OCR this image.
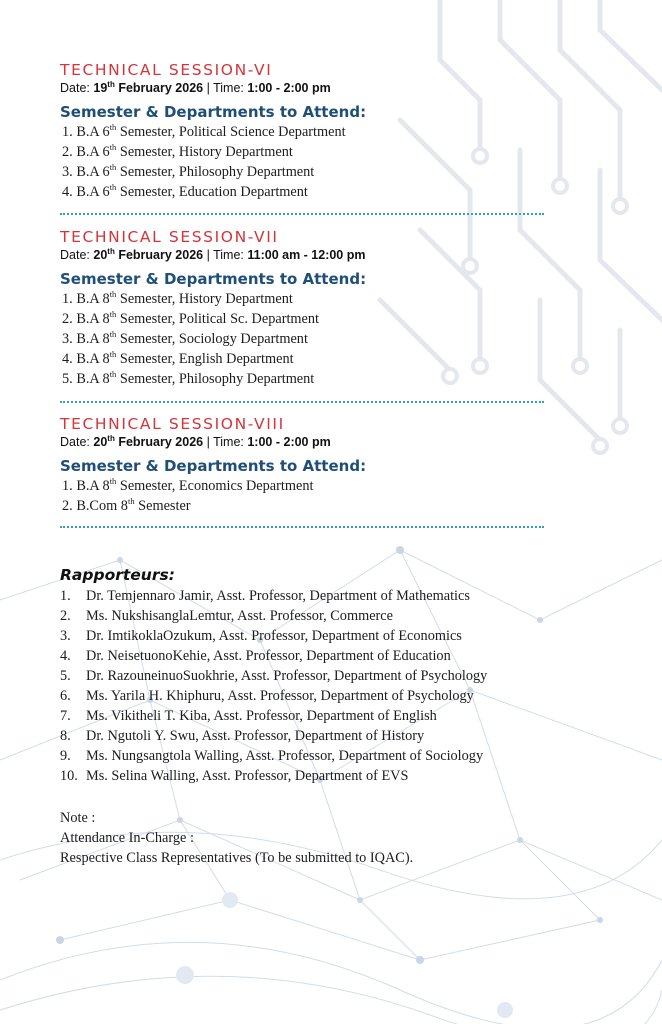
TECHNICAL SESSION-VI
Date: 19th February 2026 | Time: 1:00 - 2:00 pm
Semester & Departments to Attend:
1. B.A 6th Semester, Political Science Department
2. B.A 6th Semester, History Department
3. B.A 6th Semester, Philosophy Department
4. B.A 6th Semester, Education Department
TECHNICAL SESSION-VII
Date: 20th February 2026 | Time: 11:00 am - 12:00 pm
Semester & Departments to Attend:
1. B.A 8th Semester, History Department
2. B.A 8th Semester, Political Sc. Department
3. B.A 8th Semester, Sociology Department
4. B.A 8th Semester, English Department
5. B.A 8th Semester, Philosophy Department
TECHNICAL SESSION-VIII
Date: 20th February 2026 | Time: 1:00 - 2:00 pm
Semester & Departments to Attend:
1. B.A 8th Semester, Economics Department
2. B.Com 8th Semester
Rapporteurs:
1. Dr. Temjennaro Jamir, Asst. Professor, Department of Mathematics
2. Ms. NukshisanglaLemtur, Asst. Professor, Commerce
3. Dr. ImtikoklaOzukum, Asst. Professor, Department of Economics
4. Dr. NeisetuonoKehie, Asst. Professor, Department of Education
5. Dr. RazouneinuoSuokhrie, Asst. Professor, Department of Psychology
6. Ms. Yarila H. Khiphuru, Asst. Professor, Department of Psychology
7. Ms. Vikitheli T. Kiba, Asst. Professor, Department of English
8. Dr. Ngutoli Y. Swu, Asst. Professor, Department of History
9. Ms. Nungsangtola Walling, Asst. Professor, Department of Sociology
10. Ms. Selina Walling, Asst. Professor, Department of EVS
Note :
Attendance In-Charge :
Respective Class Representatives (To be submitted to IQAC).
